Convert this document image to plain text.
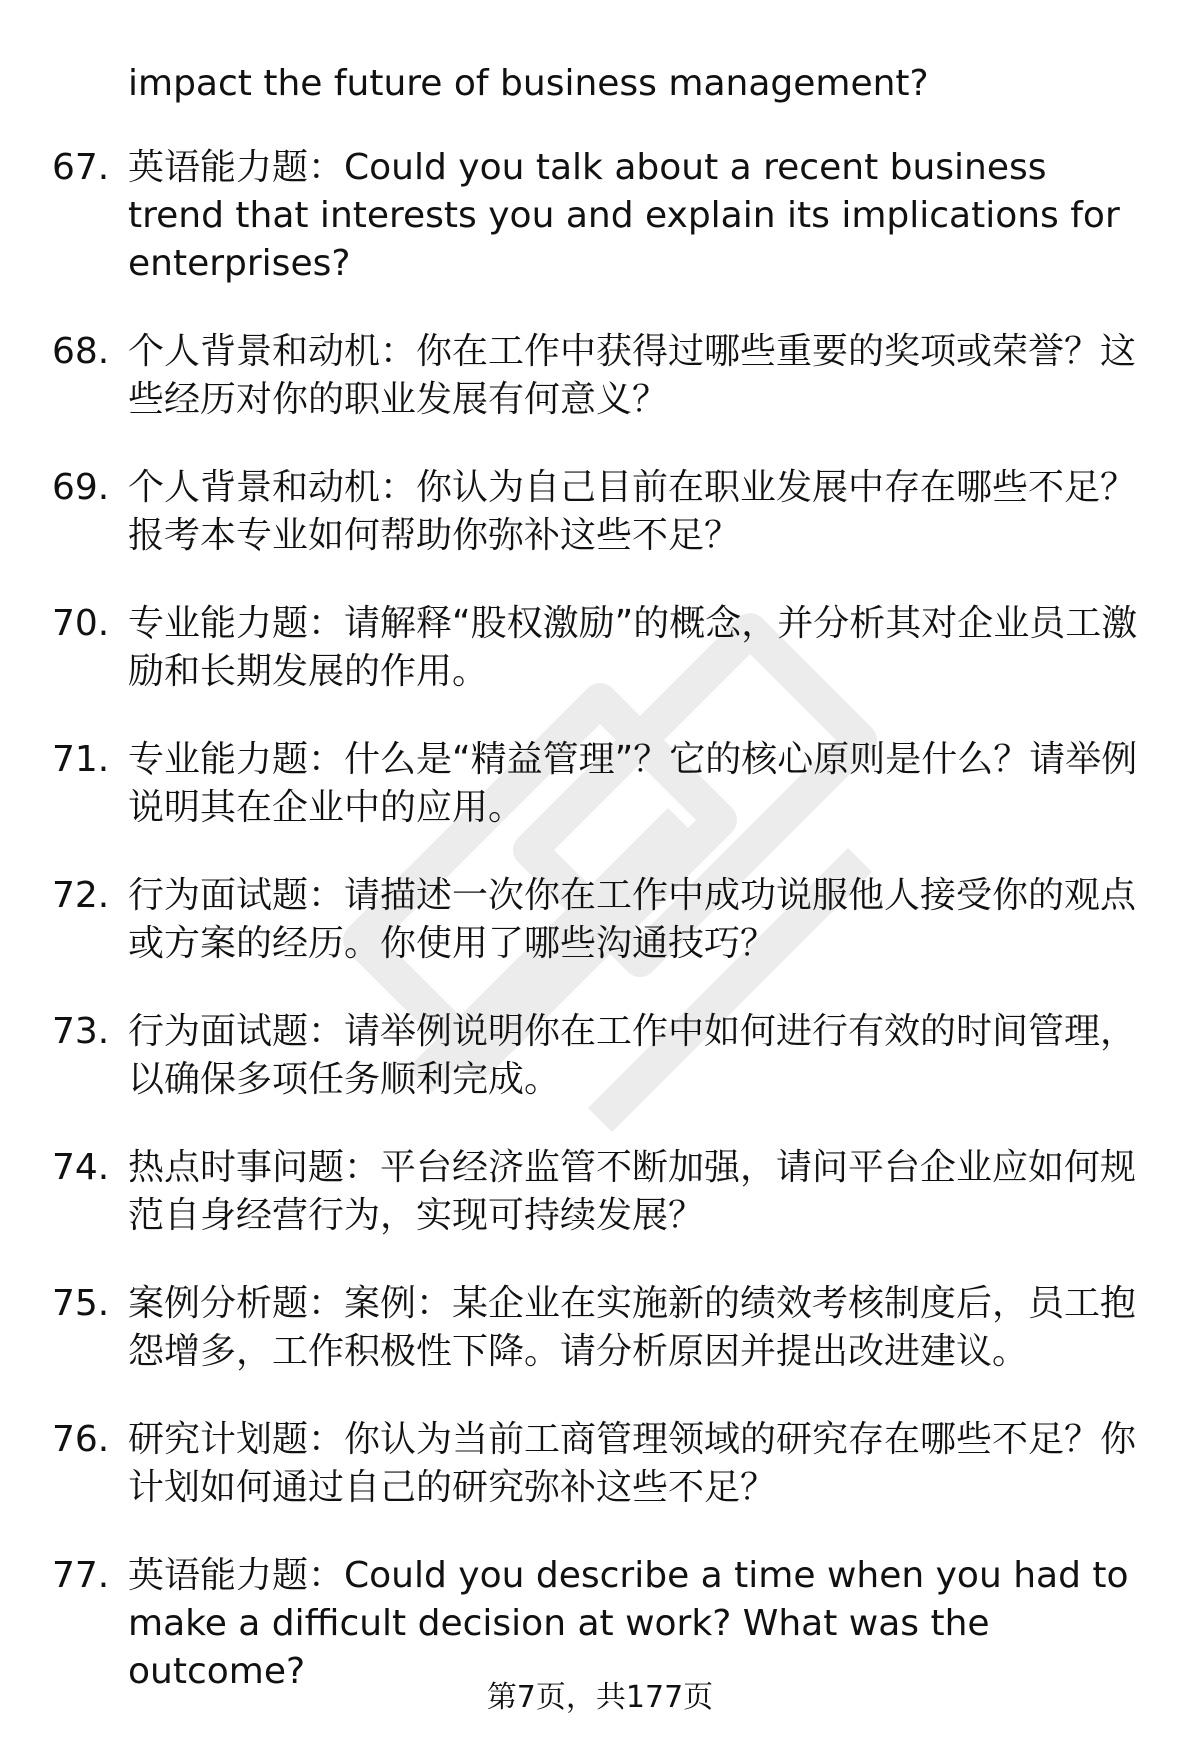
impact the future of business management?

67. 英语能力题：Could you talk about a recent business trend that interests you and explain its implications for enterprises?

68. 个人背景和动机：你在工作中获得过哪些重要的奖项或荣誉？这些经历对你的职业发展有何意义？

69. 个人背景和动机：你认为自己目前在职业发展中存在哪些不足？报考本专业如何帮助你弥补这些不足？

70. 专业能力题：请解释“股权激励”的概念，并分析其对企业员工激励和长期发展的作用。

71. 专业能力题：什么是“精益管理”？它的核心原则是什么？请举例说明其在企业中的应用。

72. 行为面试题：请描述一次你在工作中成功说服他人接受你的观点或方案的经历。你使用了哪些沟通技巧？

73. 行为面试题：请举例说明你在工作中如何进行有效的时间管理，以确保多项任务顺利完成。

74. 热点时事问题：平台经济监管不断加强，请问平台企业应如何规范自身经营行为，实现可持续发展？

75. 案例分析题：案例：某企业在实施新的绩效考核制度后，员工抱怨增多，工作积极性下降。请分析原因并提出改进建议。

76. 研究计划题：你认为当前工商管理领域的研究存在哪些不足？你计划如何通过自己的研究弥补这些不足？

77. 英语能力题：Could you describe a time when you had to make a difficult decision at work? What was the outcome?

第7页，共177页
